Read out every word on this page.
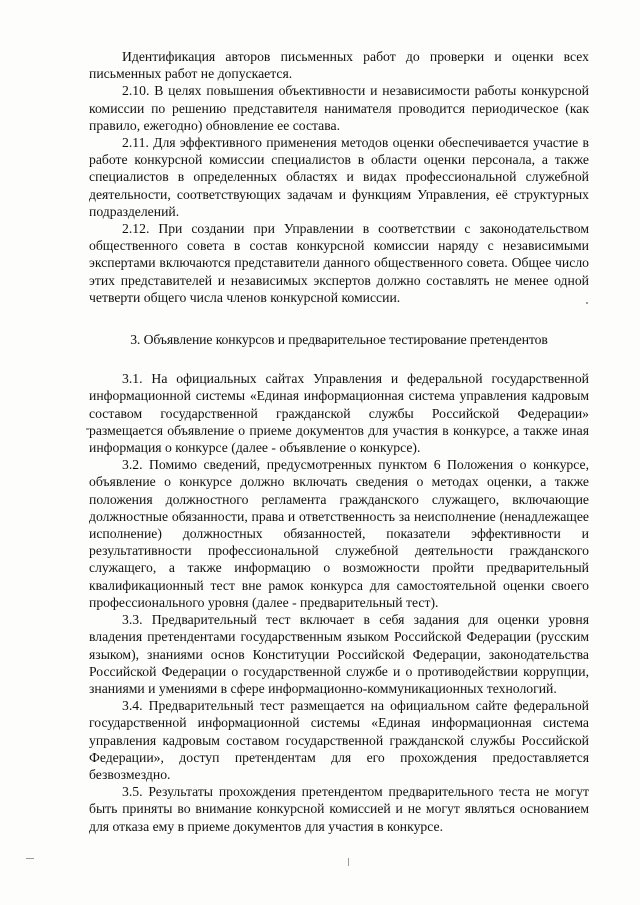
Идентификация авторов письменных работ до проверки и оценки всех письменных работ не допускается.

2.10. В целях повышения объективности и независимости работы конкурсной комиссии по решению представителя нанимателя проводится периодическое (как правило, ежегодно) обновление ее состава.

2.11. Для эффективного применения методов оценки обеспечивается участие в работе конкурсной комиссии специалистов в области оценки персонала, а также специалистов в определенных областях и видах профессиональной служебной деятельности, соответствующих задачам и функциям Управления, её структурных подразделений.

2.12. При создании при Управлении в соответствии с законодательством общественного совета в состав конкурсной комиссии наряду с независимыми экспертами включаются представители данного общественного совета. Общее число этих представителей и независимых экспертов должно составлять не менее одной четверти общего числа членов конкурсной комиссии.

3. Объявление конкурсов и предварительное тестирование претендентов

3.1. На официальных сайтах Управления и федеральной государственной информационной системы «Единая информационная система управления кадровым составом государственной гражданской службы Российской Федерации» размещается объявление о приеме документов для участия в конкурсе, а также иная информация о конкурсе (далее - объявление о конкурсе).

3.2. Помимо сведений, предусмотренных пунктом 6 Положения о конкурсе, объявление о конкурсе должно включать сведения о методах оценки, а также положения должностного регламента гражданского служащего, включающие должностные обязанности, права и ответственность за неисполнение (ненадлежащее исполнение) должностных обязанностей, показатели эффективности и результативности профессиональной служебной деятельности гражданского служащего, а также информацию о возможности пройти предварительный квалификационный тест вне рамок конкурса для самостоятельной оценки своего профессионального уровня (далее - предварительный тест).

3.3. Предварительный тест включает в себя задания для оценки уровня владения претендентами государственным языком Российской Федерации (русским языком), знаниями основ Конституции Российской Федерации, законодательства Российской Федерации о государственной службе и о противодействии коррупции, знаниями и умениями в сфере информационно-коммуникационных технологий.

3.4. Предварительный тест размещается на официальном сайте федеральной государственной информационной системы «Единая информационная система управления кадровым составом государственной гражданской службы Российской Федерации», доступ претендентам для его прохождения предоставляется безвозмездно.

3.5. Результаты прохождения претендентом предварительного теста не могут быть приняты во внимание конкурсной комиссией и не могут являться основанием для отказа ему в приеме документов для участия в конкурсе.
